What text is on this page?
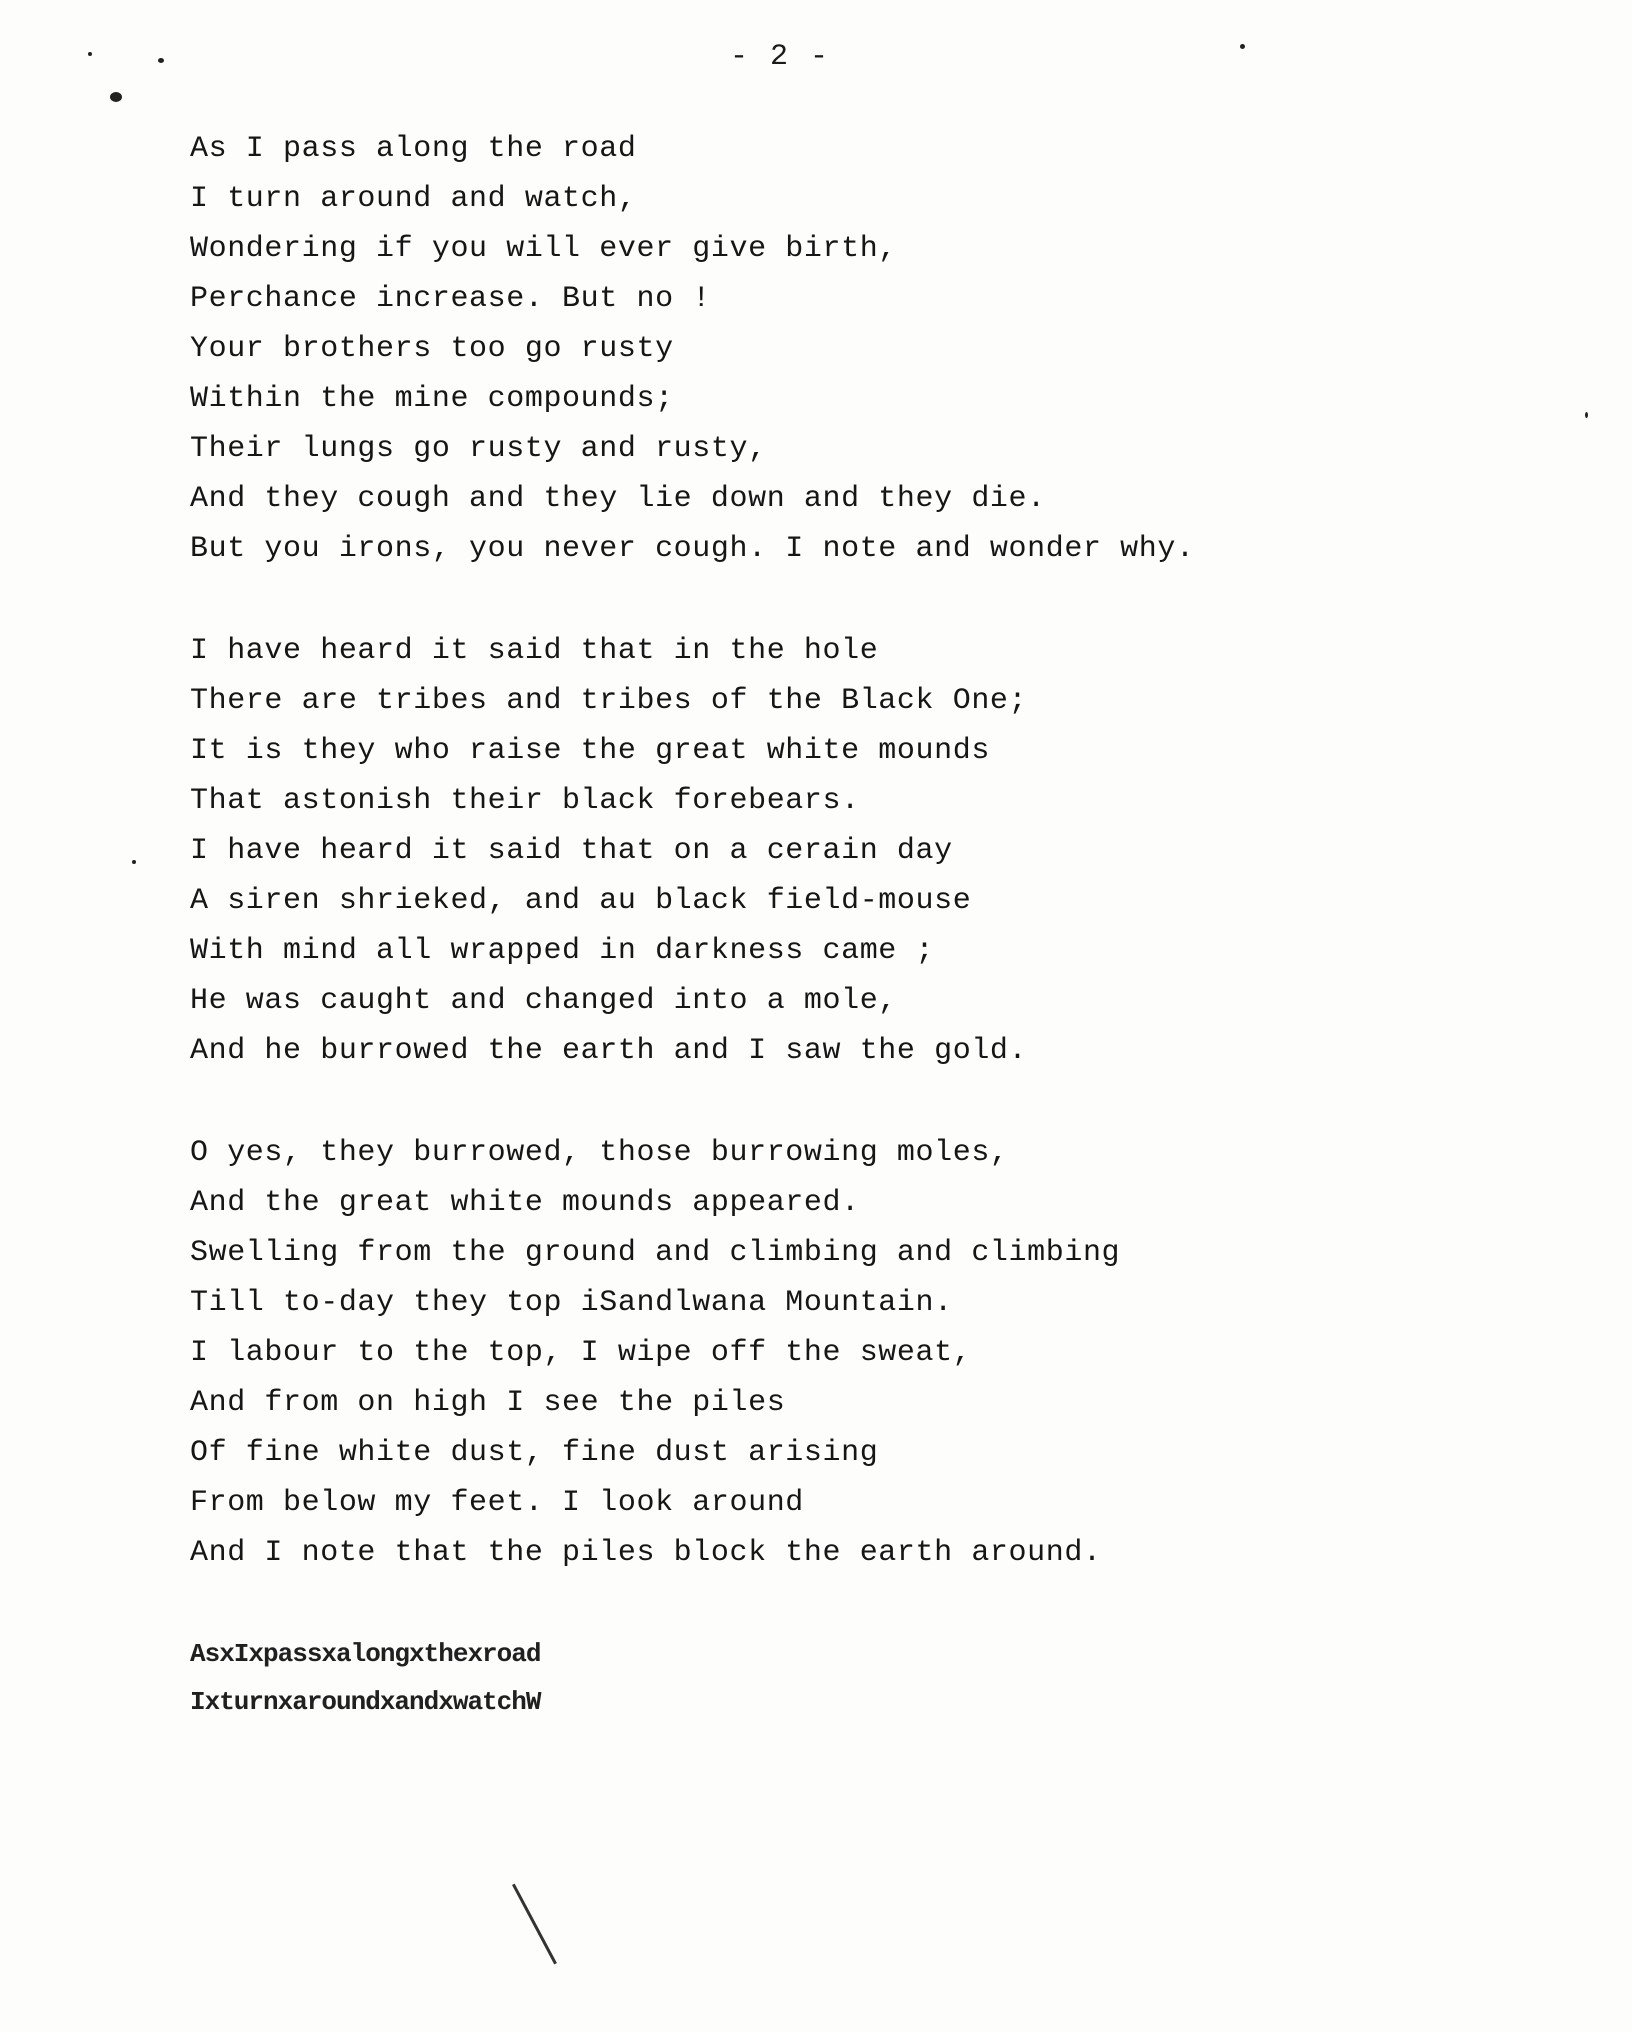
- 2 -
As I pass along the road
I turn around and watch,
Wondering if you will ever give birth,
Perchance increase. But no !
Your brothers too go rusty
Within the mine compounds;
Their lungs go rusty and rusty,
And they cough and they lie down and they die.
But you irons, you never cough. I note and wonder why.
I have heard it said that in the hole
There are tribes and tribes of the Black One;
It is they who raise the great white mounds
That astonish their black forebears.
I have heard it said that on a cerain day
A siren shrieked, and au black field-mouse
With mind all wrapped in darkness came ;
He was caught and changed into a mole,
And he burrowed the earth and I saw the gold.
O yes, they burrowed, those burrowing moles,
And the great white mounds appeared.
Swelling from the ground and climbing and climbing
Till to-day they top iSandlwana Mountain.
I labour to the top, I wipe off the sweat,
And from on high I see the piles
Of fine white dust, fine dust arising
From below my feet. I look around
And I note that the piles block the earth around.
AsxIxpassxalongxthexroad
IxturnxaroundxandxwatchW
